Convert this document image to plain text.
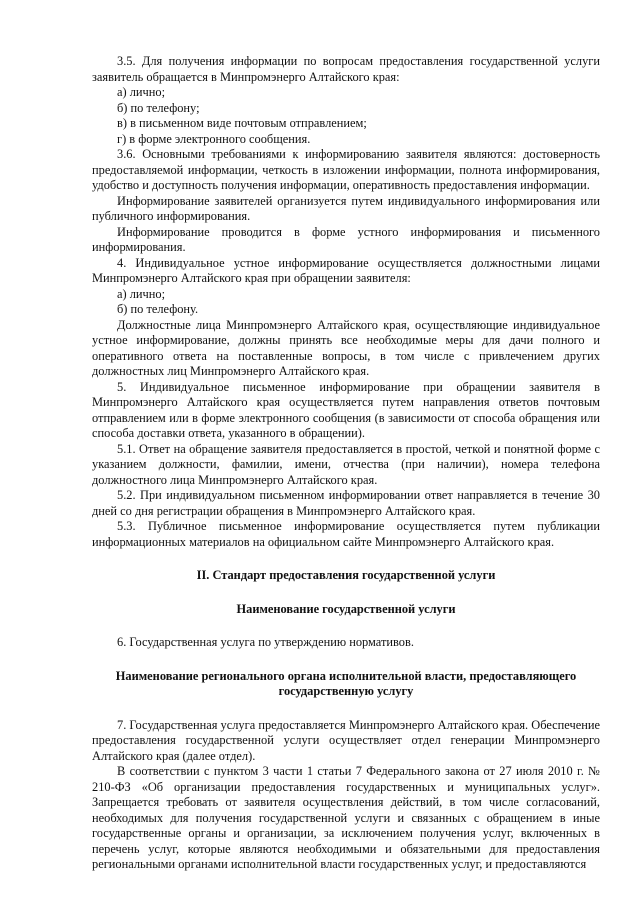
3.5. Для получения информации по вопросам предоставления государственной услуги заявитель обращается в Минпромэнерго Алтайского края:

а) лично;

б) по телефону;

в) в письменном виде почтовым отправлением;

г) в форме электронного сообщения.

3.6. Основными требованиями к информированию заявителя являются: достоверность предоставляемой информации, четкость в изложении информации, полнота информирования, удобство и доступность получения информации, оперативность предоставления информации.

Информирование заявителей организуется путем индивидуального информирования или публичного информирования.

Информирование проводится в форме устного информирования и письменного информирования.

4. Индивидуальное устное информирование осуществляется должностными лицами Минпромэнерго Алтайского края при обращении заявителя:

а) лично;

б) по телефону.

Должностные лица Минпромэнерго Алтайского края, осуществляющие индивидуальное устное информирование, должны принять все необходимые меры для дачи полного и оперативного ответа на поставленные вопросы, в том числе с привлечением других должностных лиц Минпромэнерго Алтайского края.

5. Индивидуальное письменное информирование при обращении заявителя в Минпромэнерго Алтайского края осуществляется путем направления ответов почтовым отправлением или в форме электронного сообщения (в зависимости от способа обращения или способа доставки ответа, указанного в обращении).

5.1. Ответ на обращение заявителя предоставляется в простой, четкой и понятной форме с указанием должности, фамилии, имени, отчества (при наличии), номера телефона должностного лица Минпромэнерго Алтайского края.

5.2. При индивидуальном письменном информировании ответ направляется в течение 30 дней со дня регистрации обращения в Минпромэнерго Алтайского края.

5.3. Публичное письменное информирование осуществляется путем публикации информационных материалов на официальном сайте Минпромэнерго Алтайского края.

II. Стандарт предоставления государственной услуги

Наименование государственной услуги

6. Государственная услуга по утверждению нормативов.

Наименование регионального органа исполнительной власти, предоставляющего государственную услугу

7. Государственная услуга предоставляется Минпромэнерго Алтайского края. Обеспечение предоставления государственной услуги осуществляет отдел генерации Минпромэнерго Алтайского края (далее отдел).

В соответствии с пунктом 3 части 1 статьи 7 Федерального закона от 27 июля 2010 г. № 210-ФЗ «Об организации предоставления государственных и муниципальных услуг». Запрещается требовать от заявителя осуществления действий, в том числе согласований, необходимых для получения государственной услуги и связанных с обращением в иные государственные органы и организации, за исключением получения услуг, включенных в перечень услуг, которые являются необходимыми и обязательными для предоставления региональными органами исполнительной власти государственных услуг, и предоставляются
